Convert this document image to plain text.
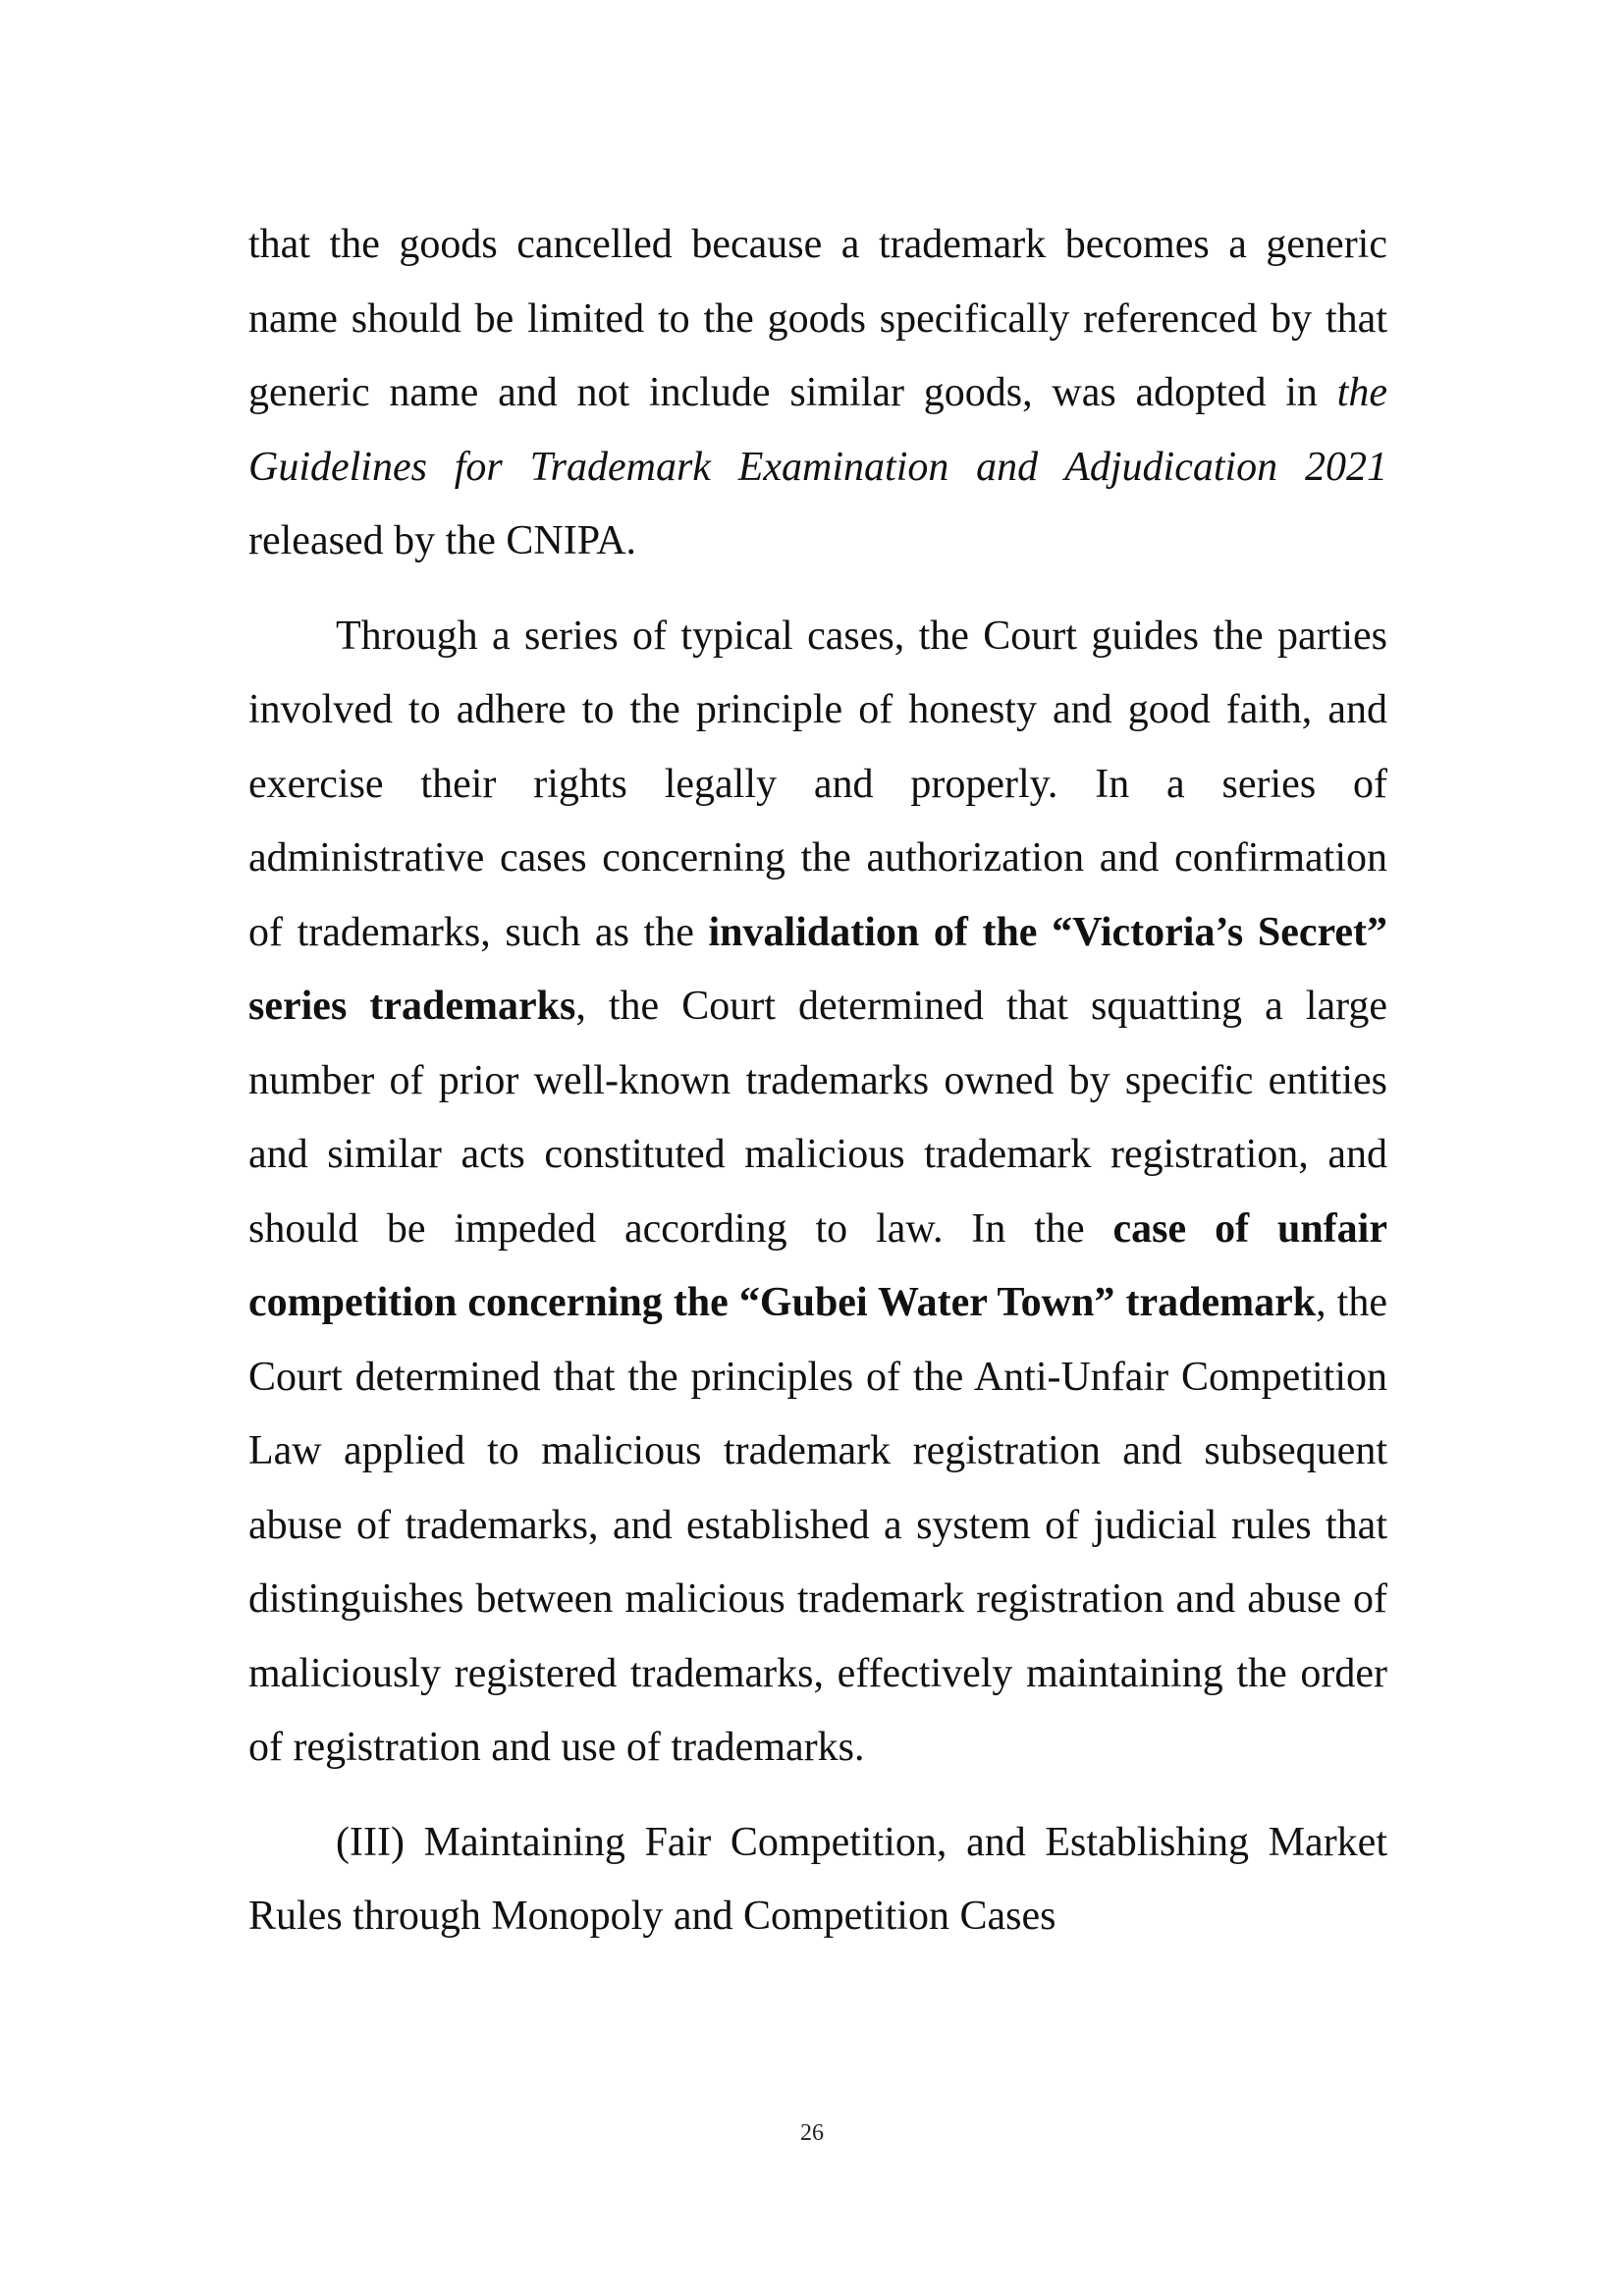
that the goods cancelled because a trademark becomes a generic name should be limited to the goods specifically referenced by that generic name and not include similar goods, was adopted in the Guidelines for Trademark Examination and Adjudication 2021 released by the CNIPA.

Through a series of typical cases, the Court guides the parties involved to adhere to the principle of honesty and good faith, and exercise their rights legally and properly. In a series of administrative cases concerning the authorization and confirmation of trademarks, such as the invalidation of the “Victoria’s Secret” series trademarks, the Court determined that squatting a large number of prior well-known trademarks owned by specific entities and similar acts constituted malicious trademark registration, and should be impeded according to law. In the case of unfair competition concerning the “Gubei Water Town” trademark, the Court determined that the principles of the Anti-Unfair Competition Law applied to malicious trademark registration and subsequent abuse of trademarks, and established a system of judicial rules that distinguishes between malicious trademark registration and abuse of maliciously registered trademarks, effectively maintaining the order of registration and use of trademarks.

(III) Maintaining Fair Competition, and Establishing Market Rules through Monopoly and Competition Cases

26
